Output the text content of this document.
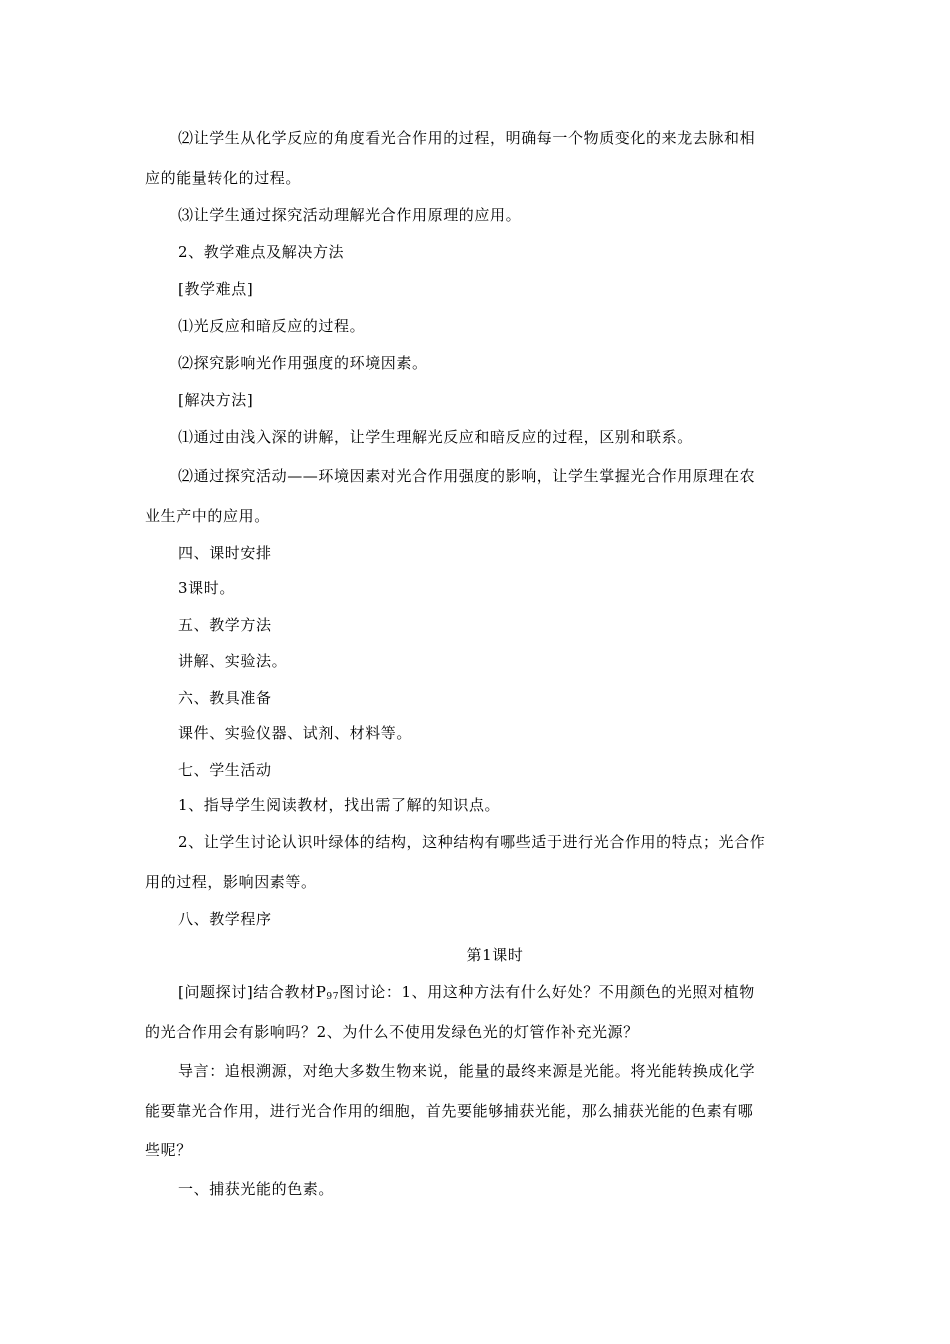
⑵让学生从化学反应的角度看光合作用的过程，明确每一个物质变化的来龙去脉和相
应的能量转化的过程。
⑶让学生通过探究活动理解光合作用原理的应用。
2、教学难点及解决方法
[教学难点]
⑴光反应和暗反应的过程。
⑵探究影响光作用强度的环境因素。
[解决方法]
⑴通过由浅入深的讲解，让学生理解光反应和暗反应的过程，区别和联系。
⑵通过探究活动——环境因素对光合作用强度的影响，让学生掌握光合作用原理在农
业生产中的应用。
四、课时安排
3课时。
五、教学方法
讲解、实验法。
六、教具准备
课件、实验仪器、试剂、材料等。
七、学生活动
1、指导学生阅读教材，找出需了解的知识点。
2、让学生讨论认识叶绿体的结构，这种结构有哪些适于进行光合作用的特点；光合作
用的过程，影响因素等。
八、教学程序
第1课时
[问题探讨]结合教材$P_{97}$图讨论：1、用这种方法有什么好处？不用颜色的光照对植物
的光合作用会有影响吗？2、为什么不使用发绿色光的灯管作补充光源？
导言：追根溯源，对绝大多数生物来说，能量的最终来源是光能。将光能转换成化学
能要靠光合作用，进行光合作用的细胞，首先要能够捕获光能，那么捕获光能的色素有哪
些呢？
一、捕获光能的色素。
